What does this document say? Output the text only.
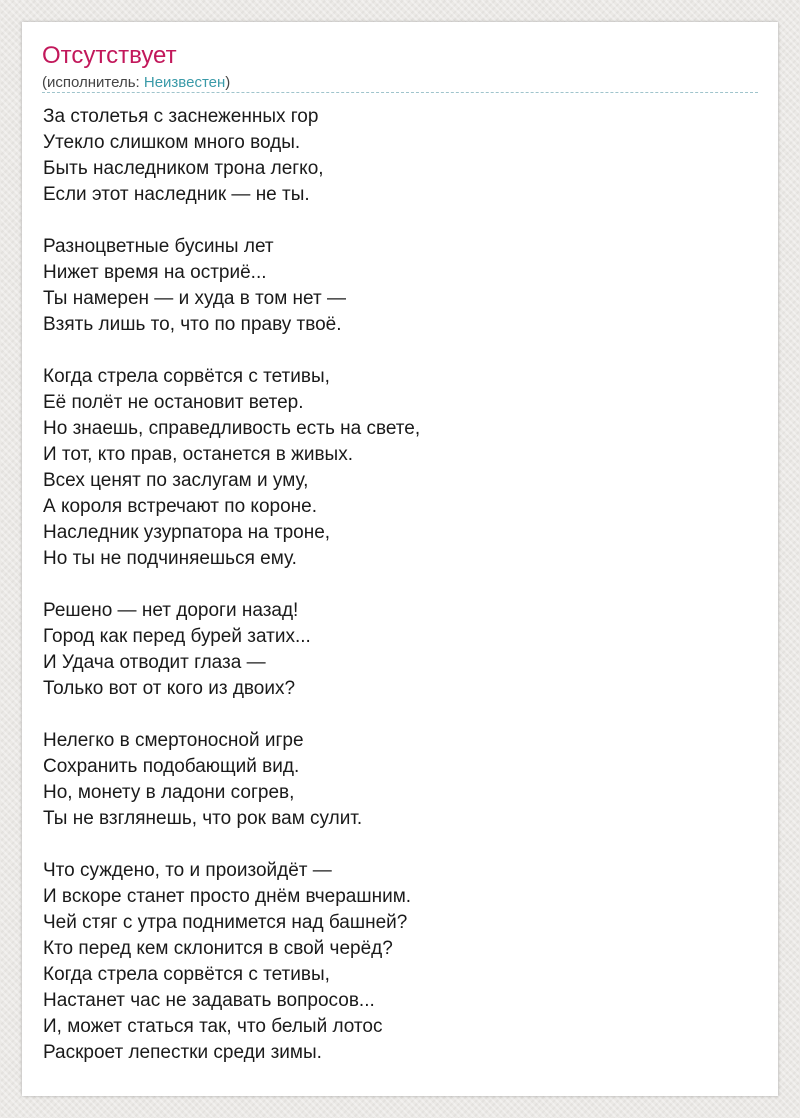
Отсутствует
(исполнитель: Неизвестен)
За столетья с заснеженных гор
Утекло слишком много воды.
Быть наследником трона легко,
Если этот наследник — не ты.
Разноцветные бусины лет
Нижет время на остриё...
Ты намерен — и худа в том нет —
Взять лишь то, что по праву твоё.
Когда стрела сорвётся с тетивы,
Её полёт не остановит ветер.
Но знаешь, справедливость есть на свете,
И тот, кто прав, останется в живых.
Всех ценят по заслугам и уму,
А короля встречают по короне.
Наследник узурпатора на троне,
Но ты не подчиняешься ему.
Решено — нет дороги назад!
Город как перед бурей затих...
И Удача отводит глаза —
Только вот от кого из двоих?
Нелегко в смертоносной игре
Сохранить подобающий вид.
Но, монету в ладони согрев,
Ты не взглянешь, что рок вам сулит.
Что суждено, то и произойдёт —
И вскоре станет просто днём вчерашним.
Чей стяг с утра поднимется над башней?
Кто перед кем склонится в свой черёд?
Когда стрела сорвётся с тетивы,
Настанет час не задавать вопросов...
И, может статься так, что белый лотос
Раскроет лепестки среди зимы.
